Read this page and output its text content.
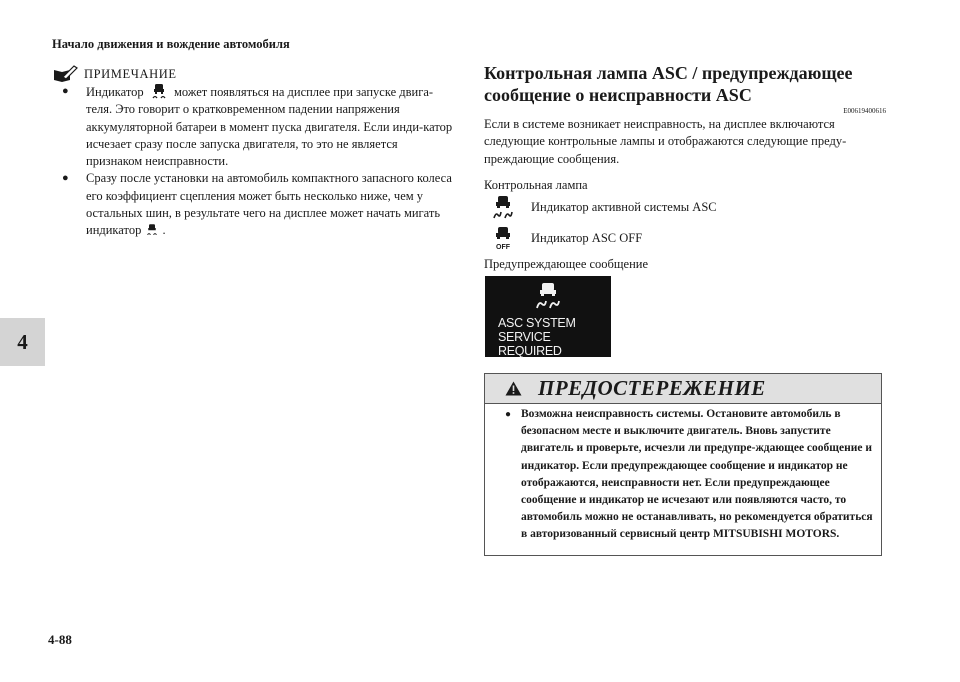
Начало движения и вождение автомобиля
4
ПРИМЕЧАНИЕ
● Индикатор может появляться на дисплее при запуске двига-теля. Это говорит о кратковременном падении напряжения аккумуляторной батареи в момент пуска двигателя. Если инди-катор исчезает сразу после запуска двигателя, то это не является признаком неисправности.
● Сразу после установки на автомобиль компактного запасного колеса его коэффициент сцепления может быть несколько ниже, чем у остальных шин, в результате чего на дисплее может начать мигать индикатор .
Контрольная лампа ASC / предупреждающее сообщение о неисправности ASC
E00619400616
Если в системе возникает неисправность, на дисплее включаются следующие контрольные лампы и отображаются следующие преду-преждающие сообщения.
Контрольная лампа
Индикатор активной системы ASC
OFF
Индикатор ASC OFF
Предупреждающее сообщение
ASC SYSTEM
SERVICE REQUIRED
ПРЕДОСТЕРЕЖЕНИЕ
● Возможна неисправность системы. Остановите автомобиль в безопасном месте и выключите двигатель. Вновь запустите двигатель и проверьте, исчезли ли предупре-ждающее сообщение и индикатор. Если предупреждающее сообщение и индикатор не отображаются, неисправности нет. Если предупреждающее сообщение и индикатор не исчезают или появляются часто, то автомобиль можно не останавливать, но рекомендуется обратиться в авторизованный сервисный центр MITSUBISHI MOTORS.
4-88
